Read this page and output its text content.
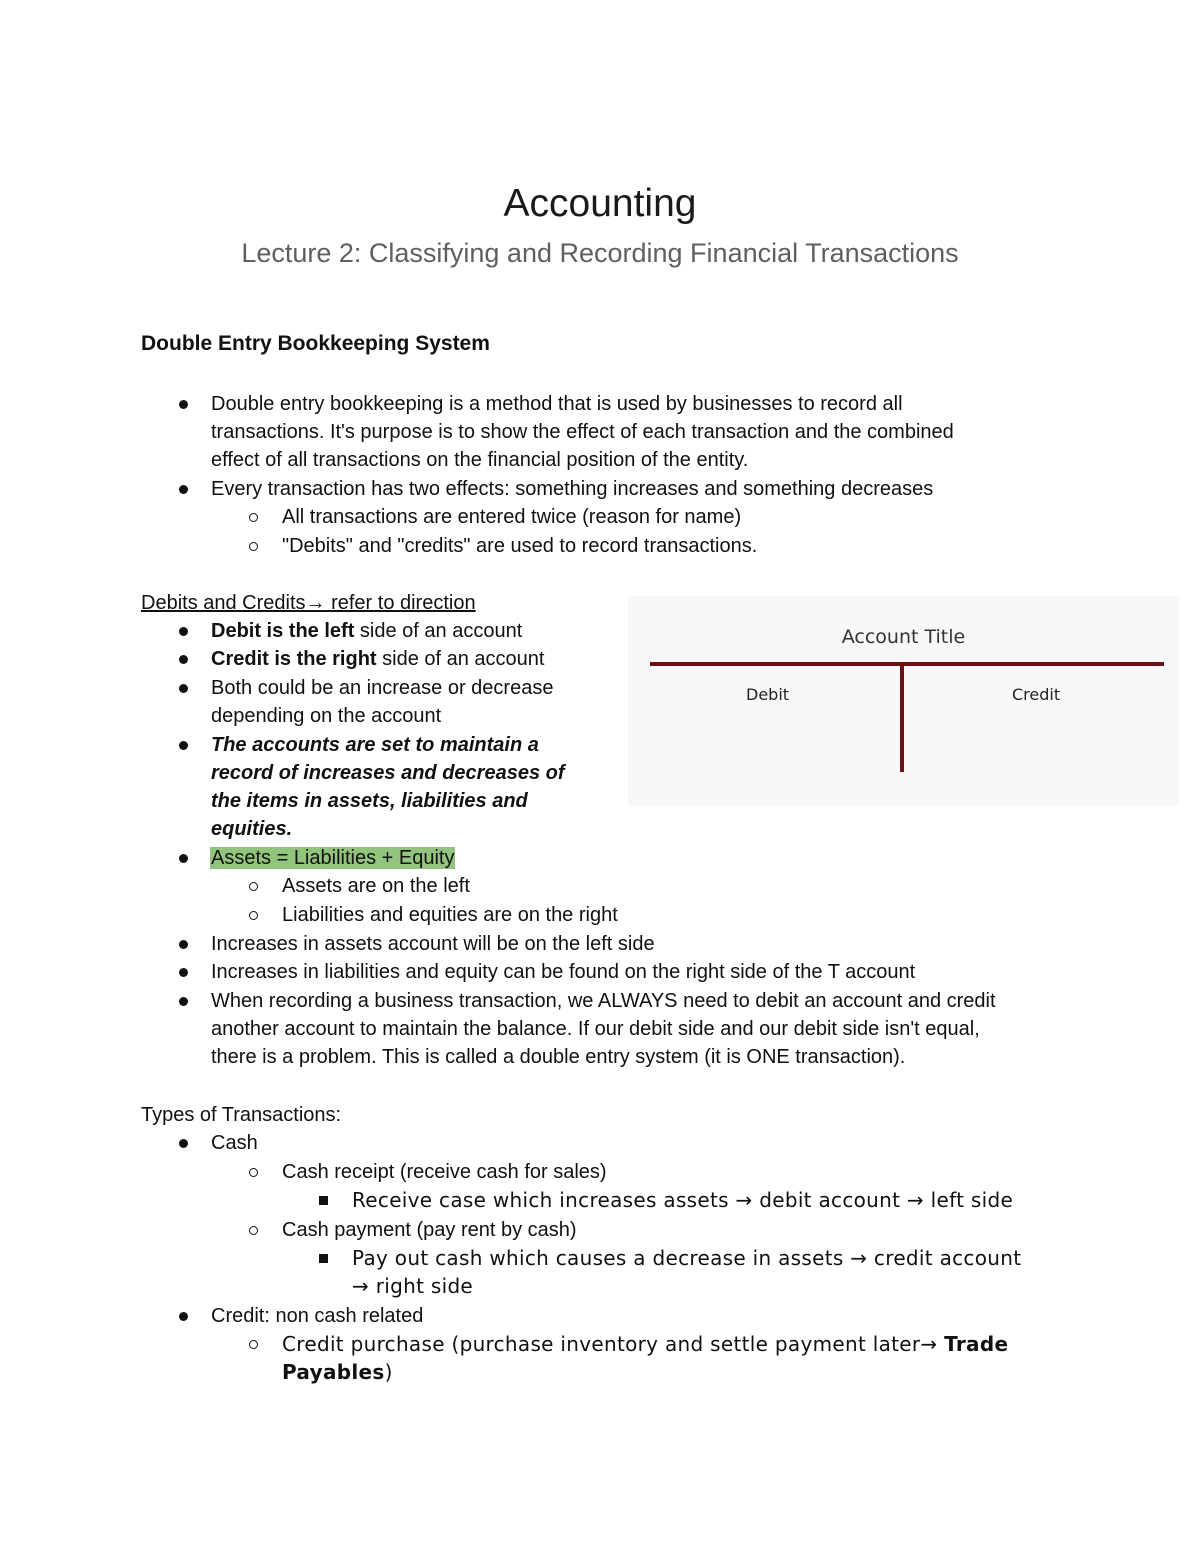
Accounting
Lecture 2: Classifying and Recording Financial Transactions
Double Entry Bookkeeping System
Double entry bookkeeping is a method that is used by businesses to record all
transactions. It's purpose is to show the effect of each transaction and the combined
effect of all transactions on the financial position of the entity.
Every transaction has two effects: something increases and something decreases
All transactions are entered twice (reason for name)
"Debits" and "credits" are used to record transactions.
Debits and Credits→ refer to direction
Debit is the left side of an account
Credit is the right side of an account
Both could be an increase or decrease
depending on the account
The accounts are set to maintain a
record of increases and decreases of
the items in assets, liabilities and
equities.
Assets = Liabilities + Equity
Assets are on the left
Liabilities and equities are on the right
Increases in assets account will be on the left side
Increases in liabilities and equity can be found on the right side of the T account
When recording a business transaction, we ALWAYS need to debit an account and credit
another account to maintain the balance. If our debit side and our debit side isn't equal,
there is a problem. This is called a double entry system (it is ONE transaction).
Account Title
Debit	Credit
Types of Transactions:
Cash
Cash receipt (receive cash for sales)
Receive case which increases assets → debit account → left side
Cash payment (pay rent by cash)
Pay out cash which causes a decrease in assets → credit account
→ right side
Credit: non cash related
Credit purchase (purchase inventory and settle payment later→ Trade
Payables)
